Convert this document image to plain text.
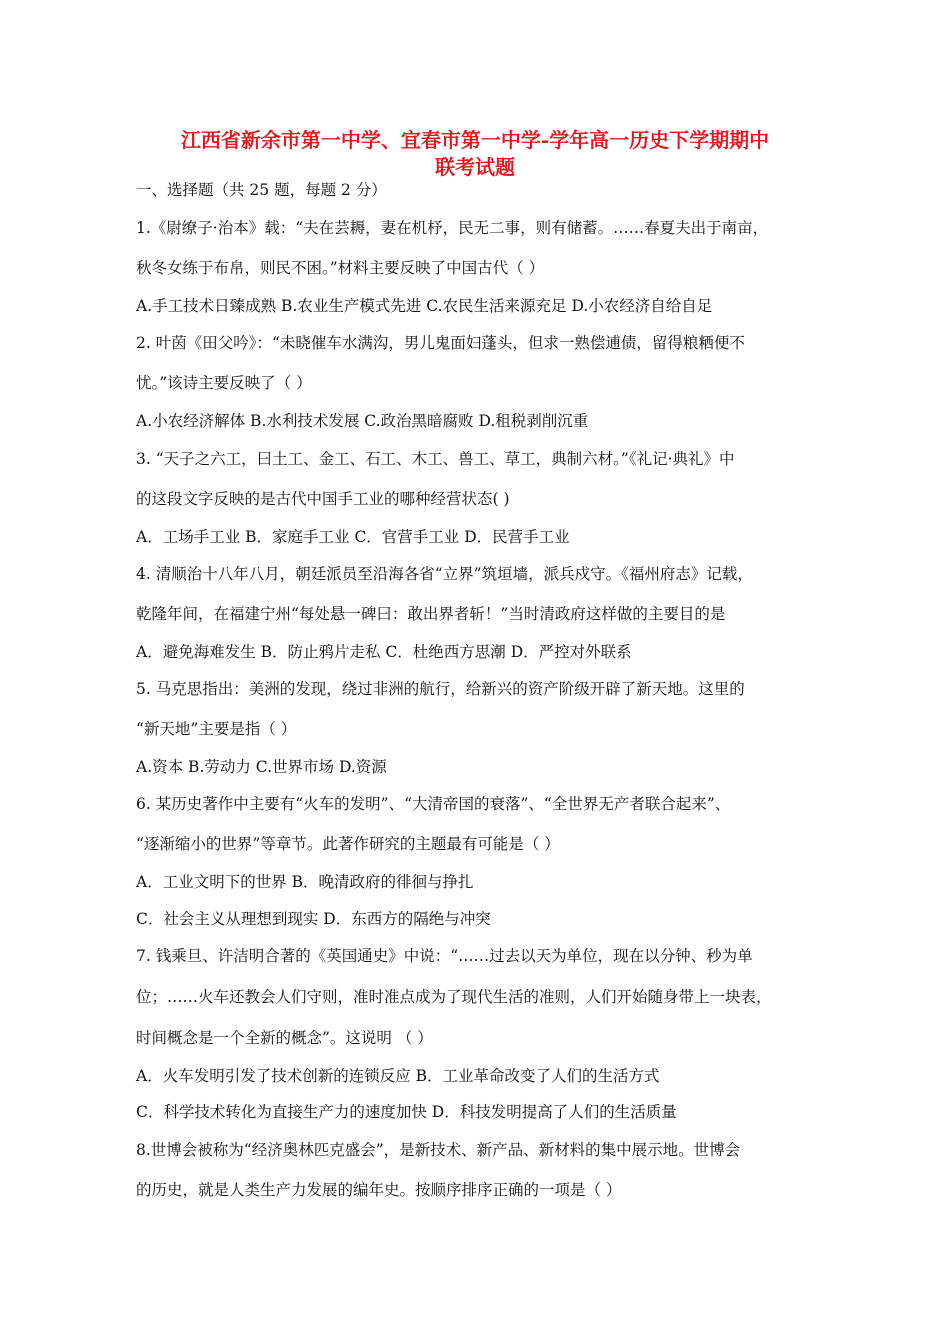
江西省新余市第一中学、宜春市第一中学-学年高一历史下学期期中
联考试题
一、选择题（共 25 题，每题 2 分）
1.《尉缭子·治本》载：“夫在芸耨，妻在机杼，民无二事，则有储蓄。……春夏夫出于南亩，
秋冬女练于布帛，则民不困。”材料主要反映了中国古代（ ）
A.手工技术日臻成熟 B.农业生产模式先进 C.农民生活来源充足 D.小农经济自给自足
2. 叶茵《田父吟》：“未晓催车水满沟，男儿鬼面妇蓬头，但求一熟偿逋债，留得粮粞便不
忧。”该诗主要反映了（ ）
A.小农经济解体 B.水利技术发展 C.政治黑暗腐败 D.租税剥削沉重
3. “天子之六工，曰土工、金工、石工、木工、兽工、草工，典制六材。”《礼记·典礼》中
的这段文字反映的是古代中国手工业的哪种经营状态( )
A．工场手工业 B．家庭手工业 C．官营手工业 D．民营手工业
4. 清顺治十八年八月，朝廷派员至沿海各省“立界”筑垣墙，派兵戍守。《福州府志》记载，
乾隆年间，在福建宁州“每处悬一碑曰：敢出界者斩！”当时清政府这样做的主要目的是
A．避免海难发生 B．防止鸦片走私 C．杜绝西方思潮 D．严控对外联系
5. 马克思指出：美洲的发现，绕过非洲的航行，给新兴的资产阶级开辟了新天地。这里的
“新天地”主要是指（ ）
A.资本 B.劳动力 C.世界市场 D.资源
6. 某历史著作中主要有“火车的发明”、“大清帝国的衰落”、“全世界无产者联合起来”、
“逐渐缩小的世界”等章节。此著作研究的主题最有可能是（ ）
A．工业文明下的世界 B．晚清政府的徘徊与挣扎
C．社会主义从理想到现实 D．东西方的隔绝与冲突
7. 钱乘旦、许洁明合著的《英国通史》中说：“……过去以天为单位，现在以分钟、秒为单
位；……火车还教会人们守则，准时准点成为了现代生活的准则，人们开始随身带上一块表，
时间概念是一个全新的概念”。这说明 （ ）
A．火车发明引发了技术创新的连锁反应 B．工业革命改变了人们的生活方式
C．科学技术转化为直接生产力的速度加快 D．科技发明提高了人们的生活质量
8.世博会被称为“经济奥林匹克盛会”，是新技术、新产品、新材料的集中展示地。世博会
的历史，就是人类生产力发展的编年史。按顺序排序正确的一项是（ ）
